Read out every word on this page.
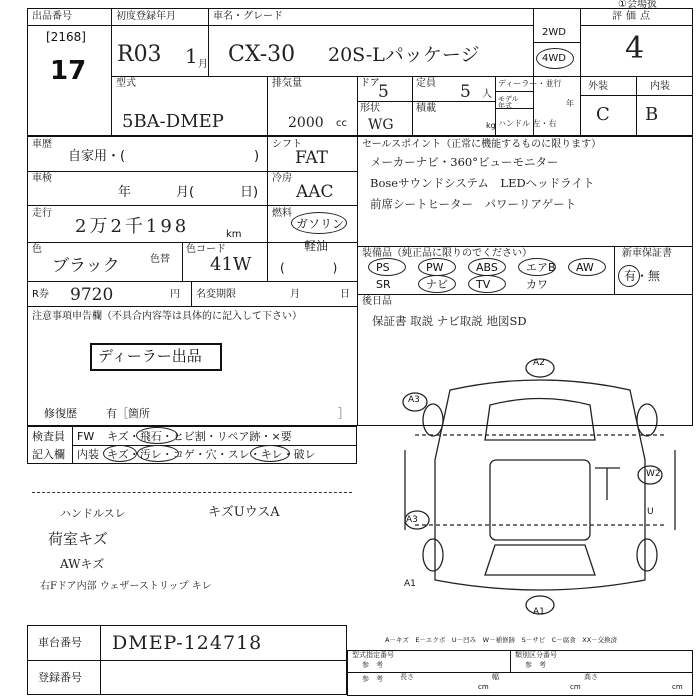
出品番号
[2168]
17
初度登録年月
R03 1 月
車名・グレード
CX-30 20S-Lパッケージ
2WD
4WD
①会場扱
評価点
4
型式
5BA-DMEP
排気量
2000 cc
ドア
5	定員 5 人
形状
WG
積載
kg
ディーラー・並行
モデル年式	年
ハンドル 左・右
外装	内装
C B
車歴
自家用・(	)
シフト
FAT
車検
年	月(	日)
冷房
AAC
走行
2万2千198	km
燃料
ガソリン
軽油
(　　　　)
色
ブラック	色替
色コード
41W
R券 9720	円 名変期限	月	日
セールスポイント（正常に機能するものに限ります）
メーカーナビ・360°ビューモニター
Boseサウンドシステム　LEDヘッドライト
前席シートヒーター　パワーリアゲート
装備品（純正品に限りのでください）	新車保証書
有・無
PS	PW	ABS	エアB AW
SR	ナビ	TV	カワ

後日品
保証書 取説 ナビ取説 地図SD
注意事項申告欄（不具合内容等は具体的に記入して下さい）
ディーラー出品
修復歴	有［箇所	］
検査員
記入欄
FW キズ・飛石・ヒビ割・リペア跡・×要
内装 キズ・汚レ・コゲ・穴・スレ・キレ・破レ
ハンドルスレ	キズUウスA
荷室キズ
AWキズ
右Fドア内部 ウェザーストリップ キレ
A2
A3
W2
A3
A1
A1
U
A－キズ　E－エクボ　U－凹み　W－補修跡　S－サビ　C－腐食　XX－交換済
車台番号 DMEP-124718
登録番号
型式指定番号
参　考
類別区分番号
参　考
参　考 長さ
cm
幅
cm
高さ
cm
